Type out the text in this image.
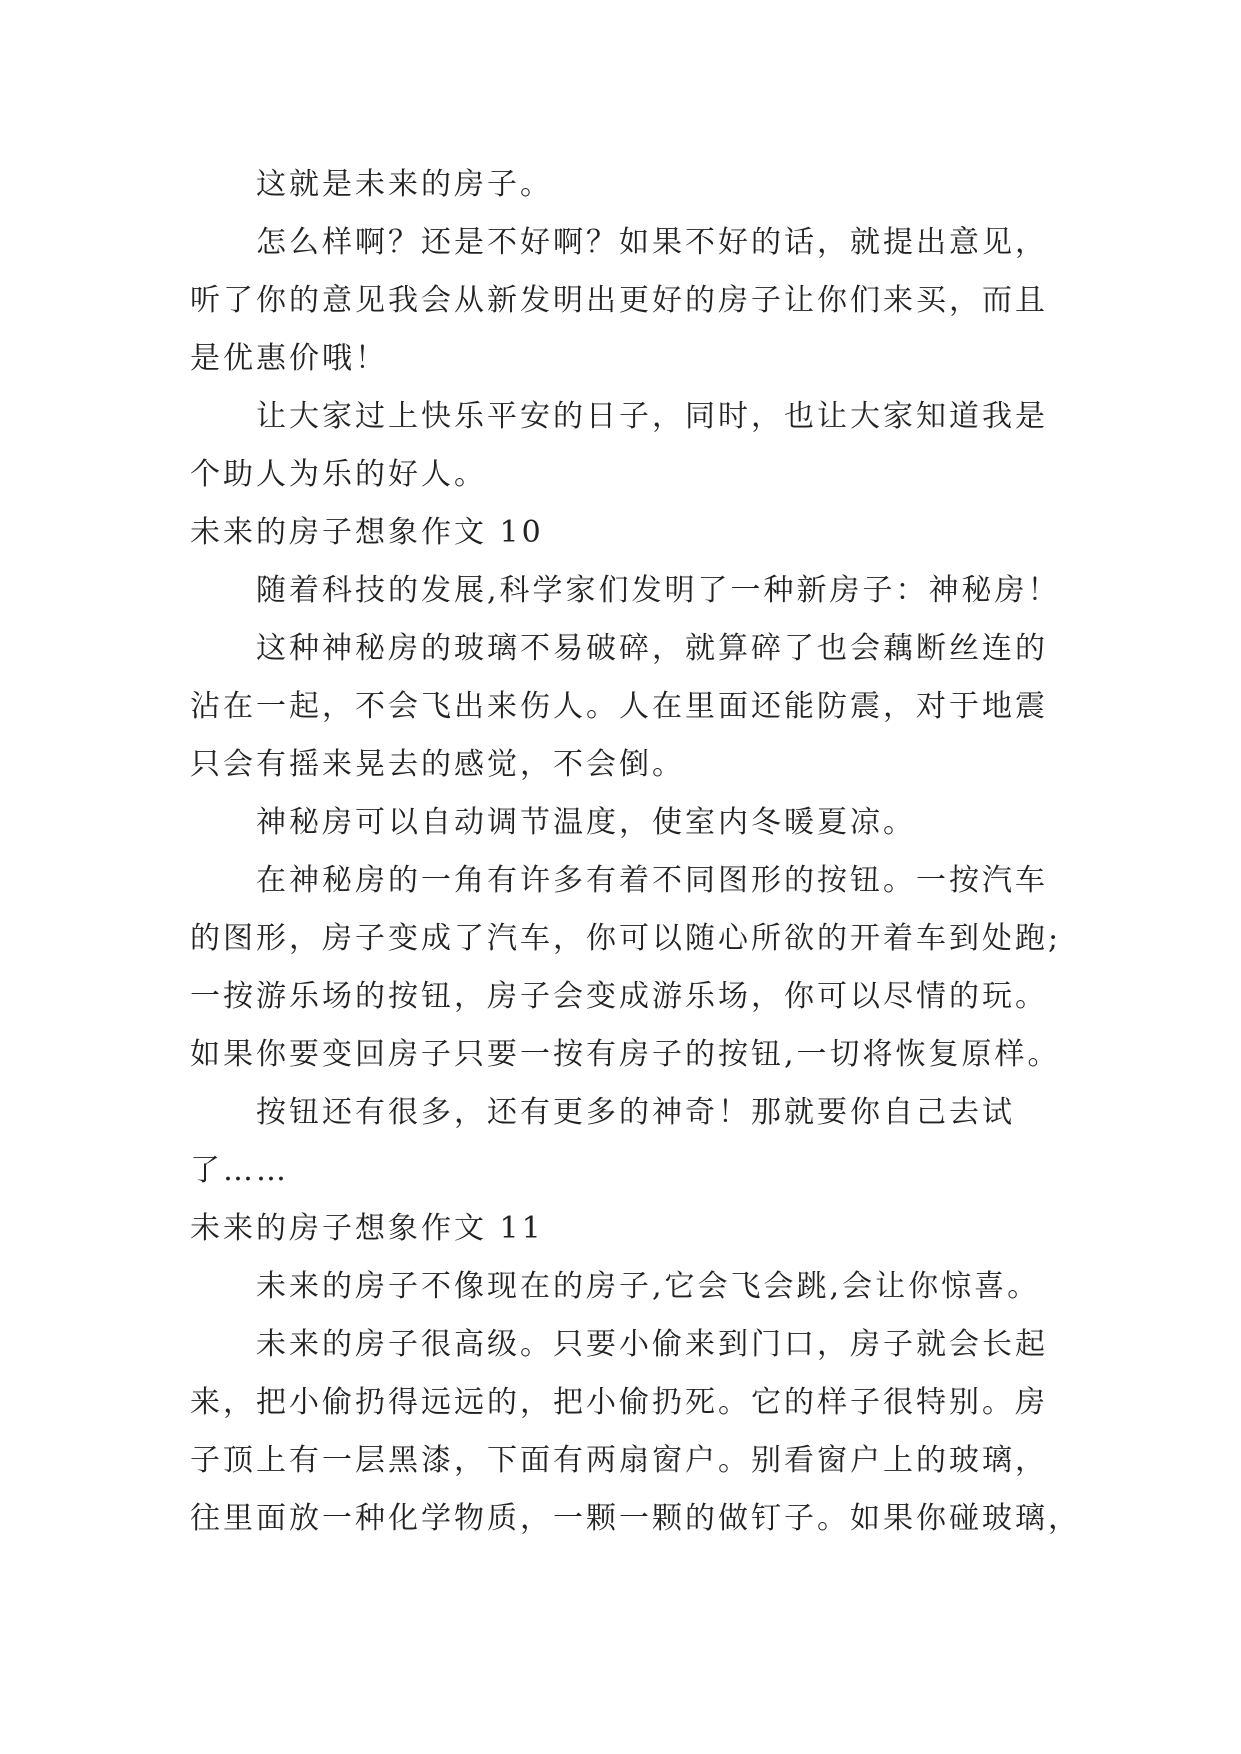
这就是未来的房子。
怎么样啊？还是不好啊？如果不好的话，就提出意见，
听了你的意见我会从新发明出更好的房子让你们来买，而且
是优惠价哦！
让大家过上快乐平安的日子，同时，也让大家知道我是
个助人为乐的好人。
未来的房子想象作文 10
随着科技的发展,科学家们发明了一种新房子：神秘房！
这种神秘房的玻璃不易破碎，就算碎了也会藕断丝连的
沾在一起，不会飞出来伤人。人在里面还能防震，对于地震
只会有摇来晃去的感觉，不会倒。
神秘房可以自动调节温度，使室内冬暖夏凉。
在神秘房的一角有许多有着不同图形的按钮。一按汽车
的图形，房子变成了汽车，你可以随心所欲的开着车到处跑;
一按游乐场的按钮，房子会变成游乐场，你可以尽情的玩。
如果你要变回房子只要一按有房子的按钮,一切将恢复原样。
按钮还有很多，还有更多的神奇！那就要你自己去试
了……
未来的房子想象作文 11
未来的房子不像现在的房子,它会飞会跳,会让你惊喜。
未来的房子很高级。只要小偷来到门口，房子就会长起
来，把小偷扔得远远的，把小偷扔死。它的样子很特别。房
子顶上有一层黑漆，下面有两扇窗户。别看窗户上的玻璃，
往里面放一种化学物质，一颗一颗的做钉子。如果你碰玻璃，
